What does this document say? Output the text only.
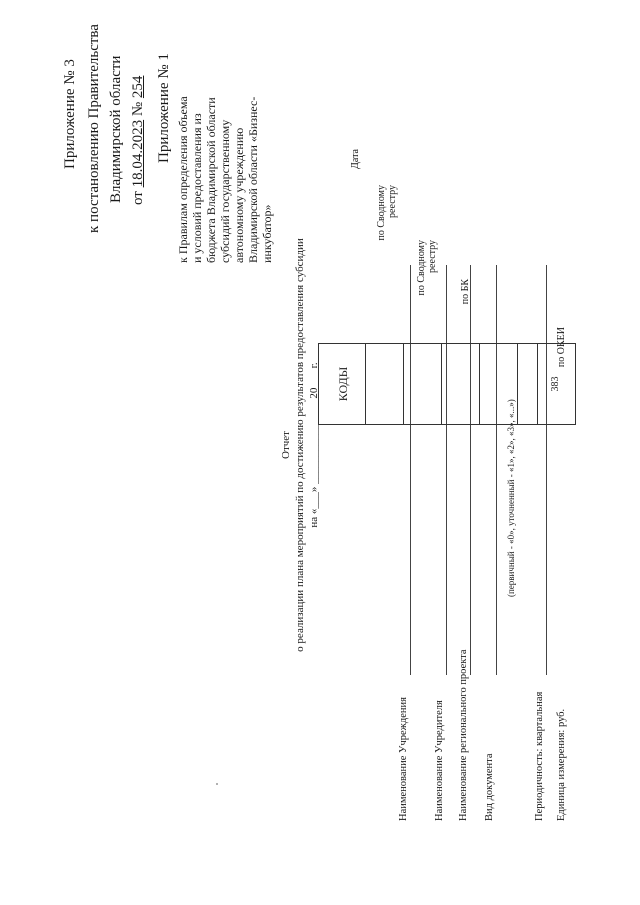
Приложение № 3 к постановлению Правительства Владимирской области от 18.04.2023 № 254 Приложение № 1 к Правилам определения объема и условий предоставления из бюджета Владимирской области субсидий государственному автономному учреждению Владимирской области «Бизнес- инкубатор»
Отчет о реализации плана мероприятий по достижению результатов предоставления субсидии на «___» _______________ 20___ г.
Наименование Учреждения Наименование Учредителя Наименование регионального проекта Вид документа
(первичный - «0», уточненный - «1», «2», «3», «...»)
Периодичность: квартальная Единица измерения: руб.
Дата
по Сводному реестру
по Сводному реестру
по БК
по ОКЕИ
КОДЫ	383
